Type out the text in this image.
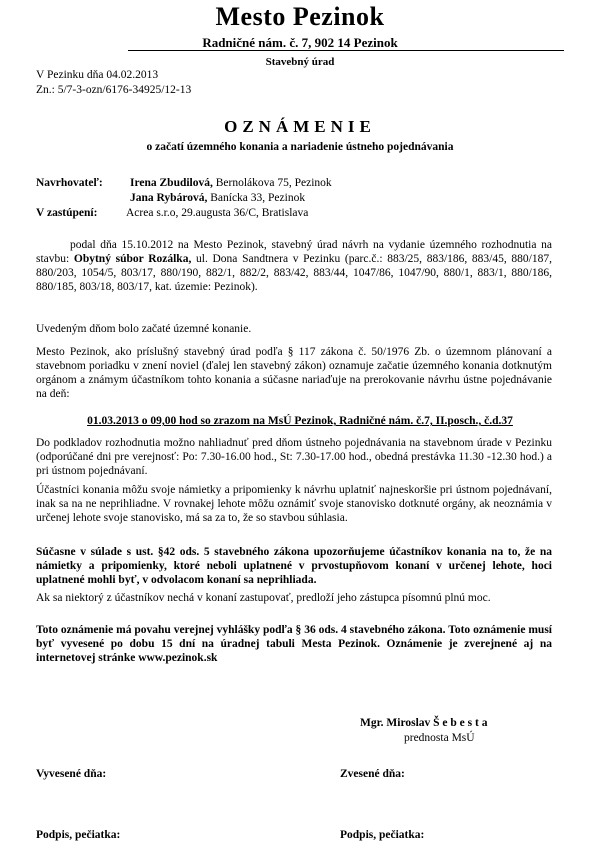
Mesto Pezinok
Radničné nám. č. 7, 902 14 Pezinok
Stavebný úrad
V Pezinku dňa 04.02.2013
Zn.: 5/7-3-ozn/6176-34925/12-13
OZNÁMENIE
o začatí územného konania a nariadenie ústneho pojednávania
Navrhovateľ: Irena Zbudilová, Bernolákova 75, Pezinok
Jana Rybárová, Banícka 33, Pezinok
V zastúpení: Acrea s.r.o, 29.augusta 36/C, Bratislava
podal dňa 15.10.2012 na Mesto Pezinok, stavebný úrad návrh na vydanie územného rozhodnutia na stavbu: Obytný súbor Rozálka, ul. Dona Sandtnera v Pezinku (parc.č.: 883/25, 883/186, 883/45, 880/187, 880/203, 1054/5, 803/17, 880/190, 882/1, 882/2, 883/42, 883/44, 1047/86, 1047/90, 880/1, 883/1, 880/186, 880/185, 803/18, 803/17, kat. územie: Pezinok).
Uvedeným dňom bolo začaté územné konanie.
Mesto Pezinok, ako príslušný stavebný úrad podľa § 117 zákona č. 50/1976 Zb. o územnom plánovaní a stavebnom poriadku v znení noviel (ďalej len stavebný zákon) oznamuje začatie územného konania dotknutým orgánom a známym účastníkom tohto konania a súčasne nariaďuje na prerokovanie návrhu ústne pojednávanie na deň:
01.03.2013 o 09,00 hod so zrazom na MsÚ Pezinok, Radničné nám. č.7, II.posch., č.d.37
Do podkladov rozhodnutia možno nahliadnuť pred dňom ústneho pojednávania na stavebnom úrade v Pezinku (odporúčané dni pre verejnosť: Po: 7.30-16.00 hod., St: 7.30-17.00 hod., obedná prestávka 11.30 -12.30 hod.) a pri ústnom pojednávaní.
Účastníci konania môžu svoje námietky a pripomienky k návrhu uplatniť najneskoršie pri ústnom pojednávaní, inak sa na ne neprihliadne. V rovnakej lehote môžu oznámiť svoje stanovisko dotknuté orgány, ak neoznámia v určenej lehote svoje stanovisko, má sa za to, že so stavbou súhlasia.
Súčasne v súlade s ust. §42 ods. 5 stavebného zákona upozorňujeme účastníkov konania na to, že na námietky a pripomienky, ktoré neboli uplatnené v prvostupňovom konaní v určenej lehote, hoci uplatnené mohli byť, v odvolacom konaní sa neprihliada.
Ak sa niektorý z účastníkov nechá v konaní zastupovať, predloží jeho zástupca písomnú plnú moc.
Toto oznámenie má povahu verejnej vyhlášky podľa § 36 ods. 4 stavebného zákona. Toto oznámenie musí byť vyvesené po dobu 15 dní na úradnej tabuli Mesta Pezinok. Oznámenie je zverejnené aj na internetovej stránke www.pezinok.sk
Mgr. Miroslav Š e b e s t a
prednosta MsÚ
Vyvesené dňa:	Zvesené dňa:
Podpis, pečiatka:	Podpis, pečiatka:
